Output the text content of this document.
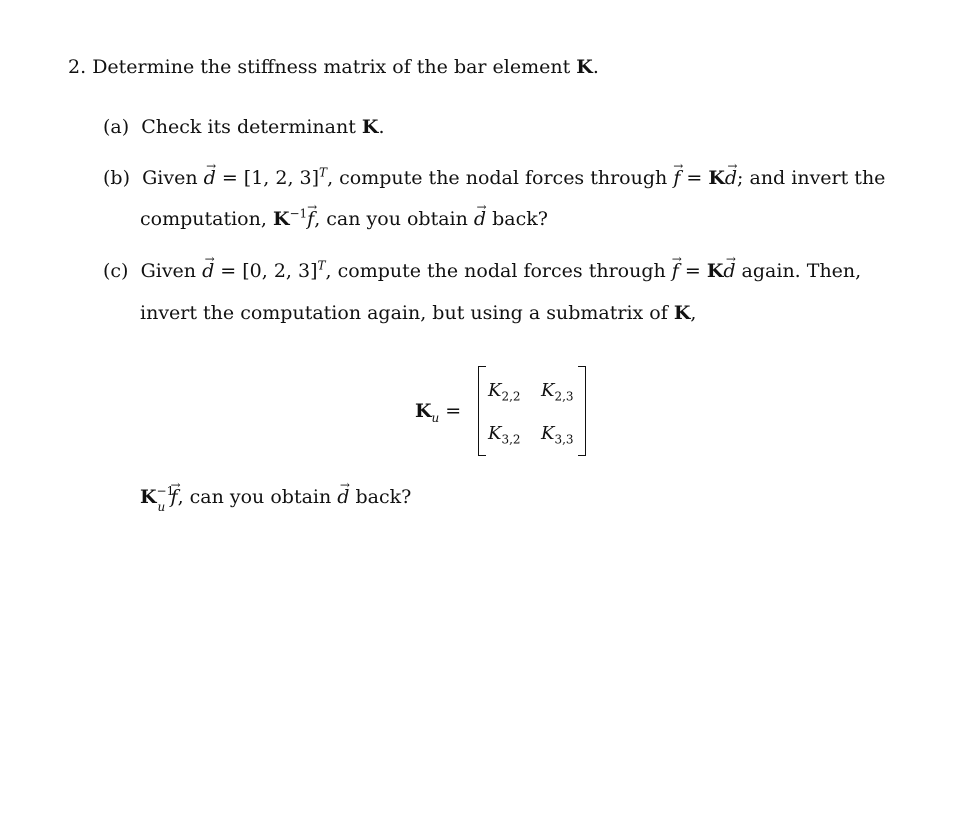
2. Determine the stiffness matrix of the bar element K.
(a) Check its determinant K.
(b) Given d → = [1, 2, 3]$^T$, compute the nodal forces through f → = Kd →; and invert the
computation, $K^{-1}f$ →, can you obtain d → back?
(c) Given d → = [0, 2, 3]$^T$, compute the nodal forces through f → = Kd → again. Then,
invert the computation again, but using a submatrix of K,
$K_u$ =
$K_{2,2}$ $K_{2,3}$
$K_{3,2}$ $K_{3,3}$
K −1
u f →, can you obtain d → back?
